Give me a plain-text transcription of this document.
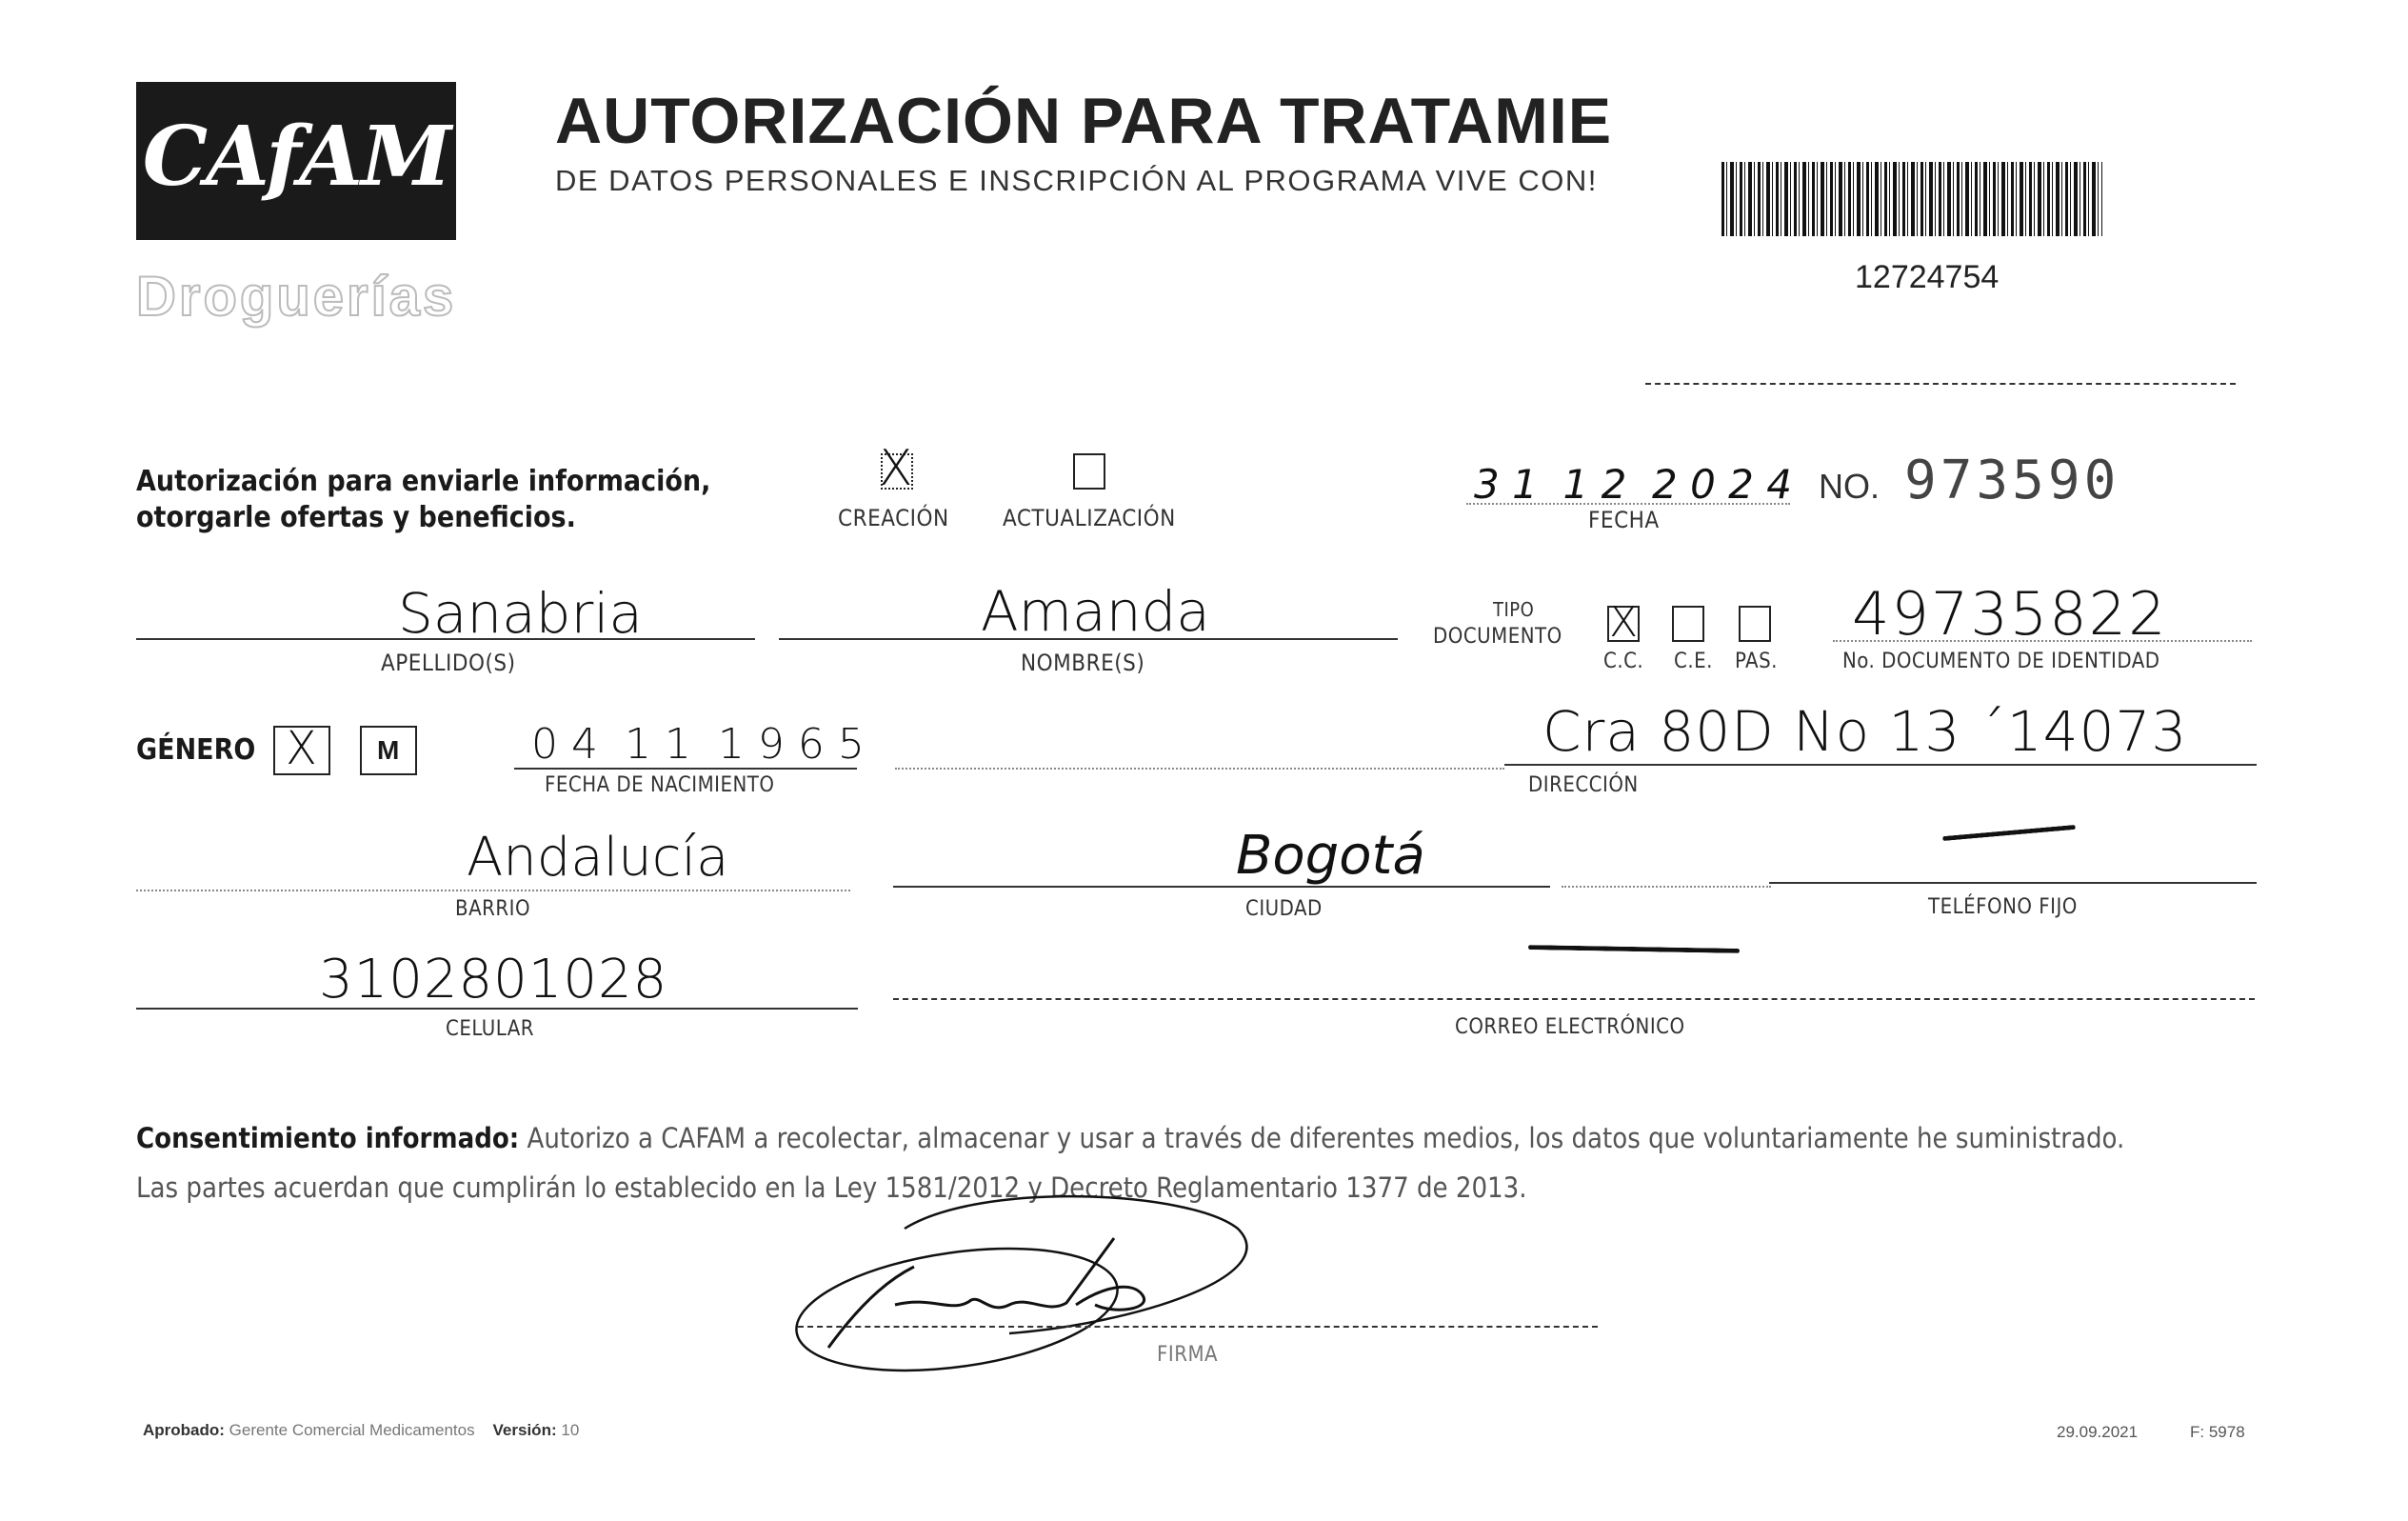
CAfAM
Droguerías
AUTORIZACIÓN PARA TRATAMIE
DE DATOS PERSONALES E INSCRIPCIÓN AL PROGRAMA VIVE CON!
12724754
Autorización para enviarle información,
otorgarle ofertas y beneficios.
X
CREACIÓN ACTUALIZACIÓN
3 1  1 2  2 0 2 4
FECHA
NO. 973590
Sanabria
APELLIDO(S)
Amanda
NOMBRE(S)
TIPO
DOCUMENTO X
C.C. C.E. PAS.
49735822
No. DOCUMENTO DE IDENTIDAD
GÉNERO X M	0 4  1 1  1 9 6 5
FECHA DE NACIMIENTO
Cra 80D No 13 ´14073
DIRECCIÓN
Andalucía
BARRIO
Bogotá
CIUDAD	TELÉFONO FIJO
3102801028
CELULAR	CORREO ELECTRÓNICO
Consentimiento informado: Autorizo a CAFAM a recolectar, almacenar y usar a través de diferentes medios, los datos que voluntariamente he suministrado.
Las partes acuerdan que cumplirán lo establecido en la Ley 1581/2012 y Decreto Reglamentario 1377 de 2013.
FIRMA
Aprobado: Gerente Comercial Medicamentos Versión: 10	29.09.2021	F: 5978
